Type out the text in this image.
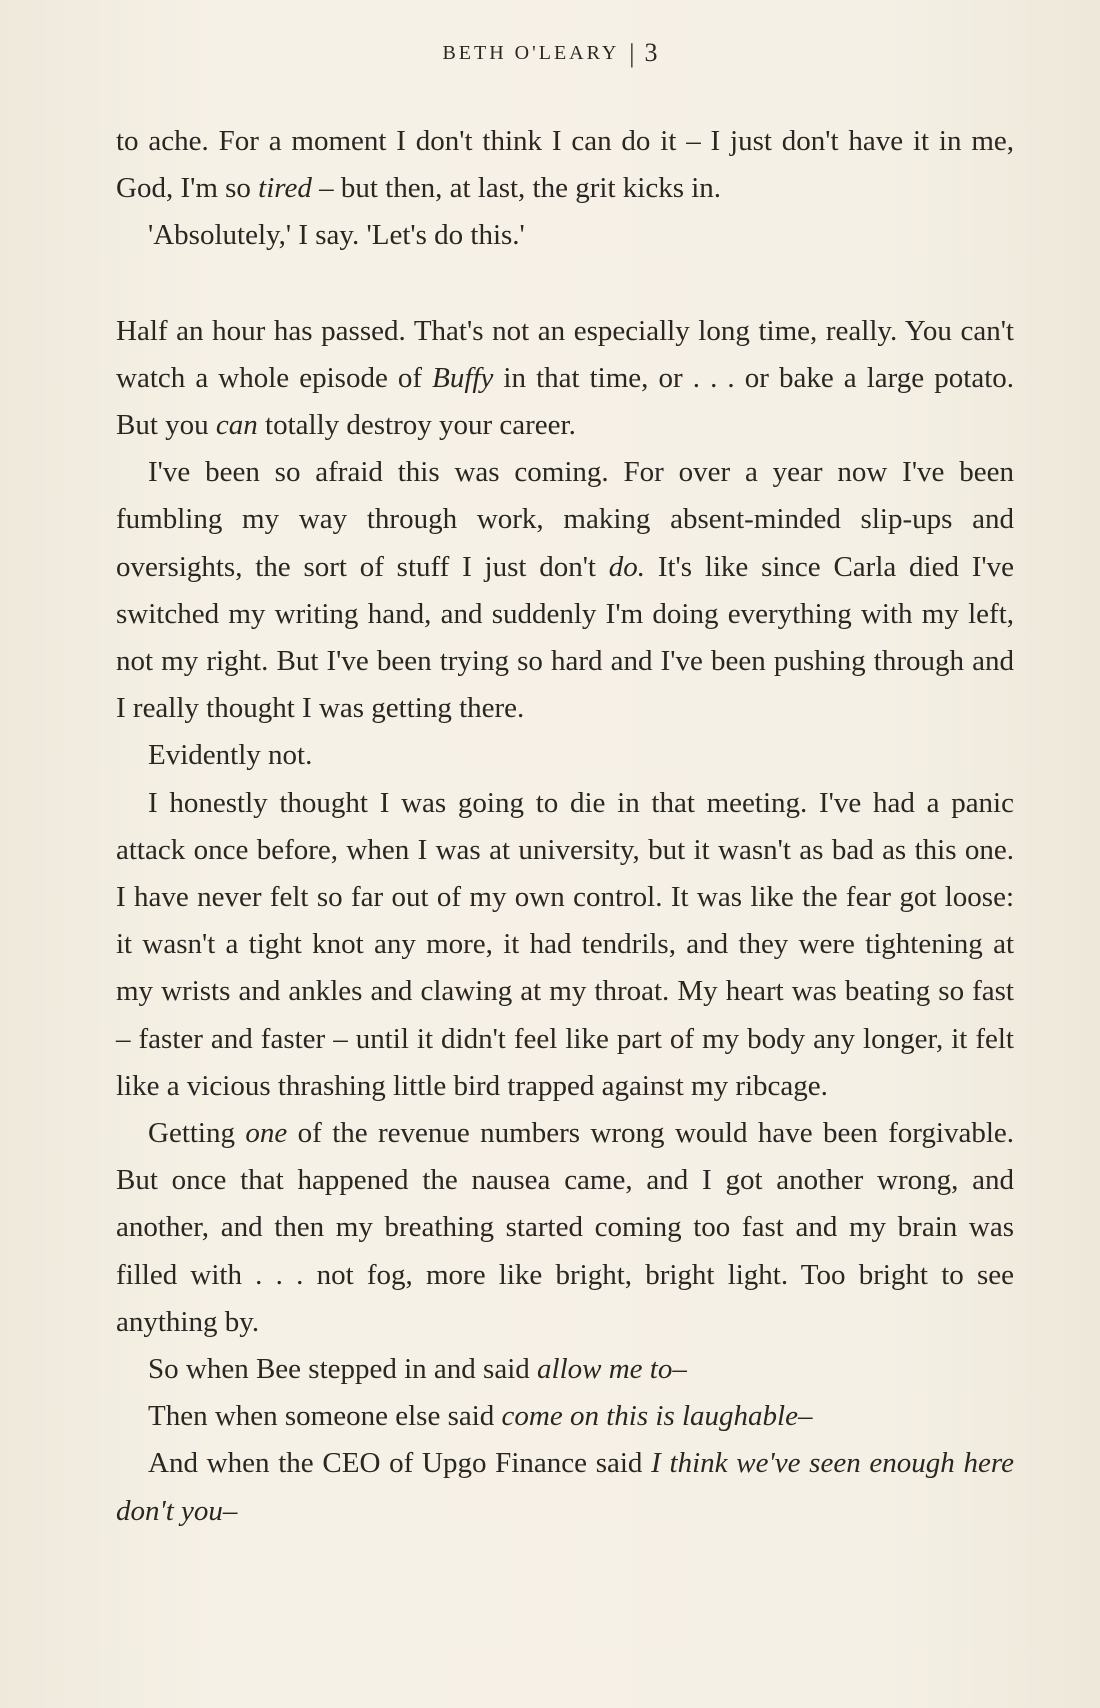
BETH O'LEARY | 3

to ache. For a moment I don't think I can do it – I just don't have it in me, God, I'm so tired – but then, at last, the grit kicks in.

'Absolutely,' I say. 'Let's do this.'

Half an hour has passed. That's not an especially long time, really. You can't watch a whole episode of Buffy in that time, or . . . or bake a large potato. But you can totally destroy your career.

I've been so afraid this was coming. For over a year now I've been fumbling my way through work, making absent-minded slip-ups and oversights, the sort of stuff I just don't do. It's like since Carla died I've switched my writing hand, and suddenly I'm doing everything with my left, not my right. But I've been trying so hard and I've been pushing through and I really thought I was getting there.

Evidently not.

I honestly thought I was going to die in that meeting. I've had a panic attack once before, when I was at university, but it wasn't as bad as this one. I have never felt so far out of my own control. It was like the fear got loose: it wasn't a tight knot any more, it had tendrils, and they were tightening at my wrists and ankles and clawing at my throat. My heart was beating so fast – faster and faster – until it didn't feel like part of my body any longer, it felt like a vicious thrashing little bird trapped against my ribcage.

Getting one of the revenue numbers wrong would have been forgivable. But once that happened the nausea came, and I got another wrong, and another, and then my breathing started coming too fast and my brain was filled with . . . not fog, more like bright, bright light. Too bright to see anything by.

So when Bee stepped in and said allow me to–

Then when someone else said come on this is laughable–

And when the CEO of Upgo Finance said I think we've seen enough here don't you–
